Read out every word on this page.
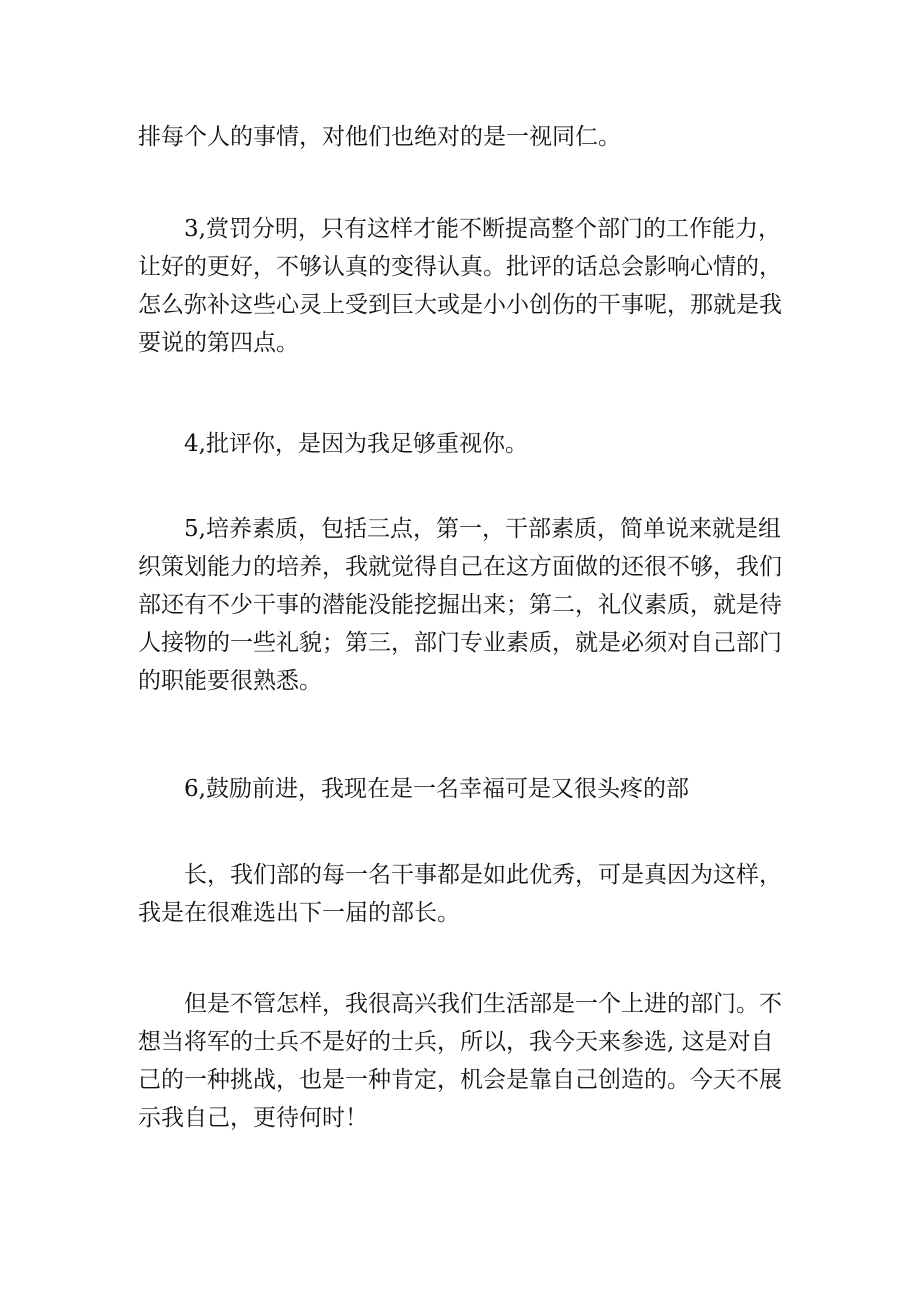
排每个人的事情，对他们也绝对的是一视同仁。
3,赏罚分明，只有这样才能不断提高整个部门的工作能力，
让好的更好，不够认真的变得认真。批评的话总会影响心情的，
怎么弥补这些心灵上受到巨大或是小小创伤的干事呢，那就是我
要说的第四点。
4,批评你，是因为我足够重视你。
5,培养素质，包括三点，第一，干部素质，简单说来就是组
织策划能力的培养，我就觉得自己在这方面做的还很不够，我们
部还有不少干事的潜能没能挖掘出来；第二，礼仪素质，就是待
人接物的一些礼貌；第三，部门专业素质，就是必须对自己部门
的职能要很熟悉。
6,鼓励前进，我现在是一名幸福可是又很头疼的部
长，我们部的每一名干事都是如此优秀，可是真因为这样，
我是在很难选出下一届的部长。
但是不管怎样，我很高兴我们生活部是一个上进的部门。不
想当将军的士兵不是好的士兵，所以，我今天来参选, 这是对自
己的一种挑战，也是一种肯定，机会是靠自己创造的。今天不展
示我自己，更待何时！
